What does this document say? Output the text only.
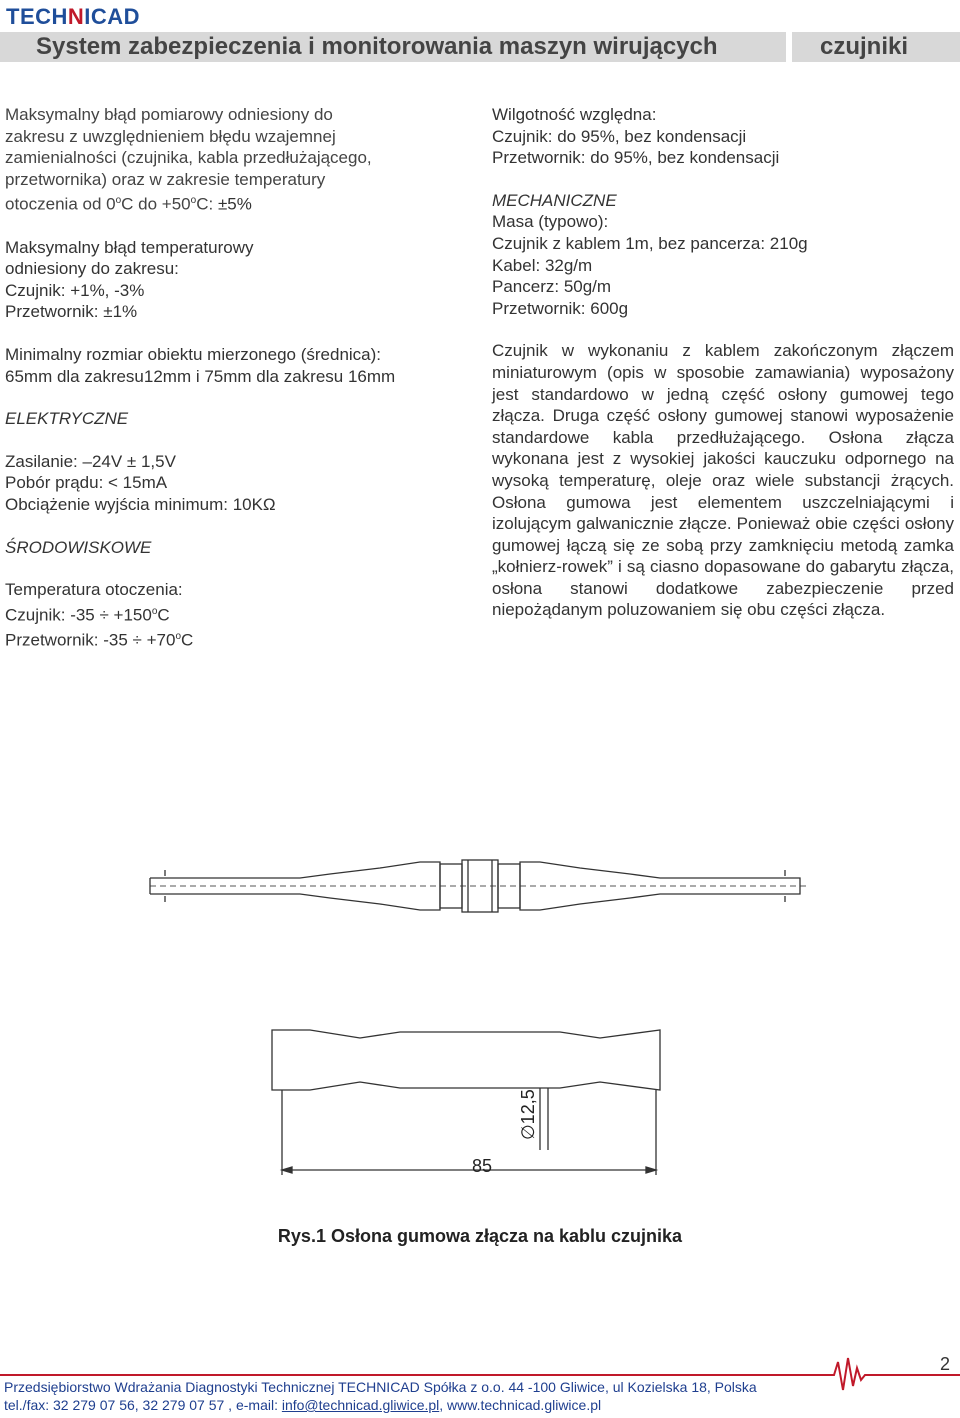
TECHNICAD
System zabezpieczenia i monitorowania maszyn wirujących	czujniki

Maksymalny błąd pomiarowy odniesiony do

zakresu z uwzględnieniem błędu wzajemnej

zamienialności (czujnika, kabla przedłużającego,

przetwornika) oraz w zakresie temperatury

otoczenia od 0$^o$C do $+50^oC$: ±5%

Maksymalny błąd temperaturowy

odniesiony do zakresu:

Czujnik: +1%, -3%

Przetwornik: ±1%

Minimalny rozmiar obiektu mierzonego (średnica):

65mm dla zakresu12mm i 75mm dla zakresu 16mm

ELEKTRYCZNE

Zasilanie: –24V ± 1,5V

Pobór prądu: < 15mA

Obciążenie wyjścia minimum: 10KΩ

ŚRODOWISKOWE

Temperatura otoczenia:

Czujnik: $-35 \div +150^oC$

Przetwornik: $-35 \div +70^oC$

Wilgotność względna:

Czujnik: do 95%, bez kondensacji

Przetwornik: do 95%, bez kondensacji

MECHANICZNE

Masa (typowo):

Czujnik z kablem 1m, bez pancerza: 210g

Kabel: 32g/m

Pancerz: 50g/m

Przetwornik: 600g

Czujnik w wykonaniu z kablem zakończonym złączem miniaturowym (opis w sposobie zamawiania) wyposażony jest standardowo w jedną część osłony gumowej tego złącza. Druga część osłony gumowej stanowi wyposażenie standardowe kabla przedłużającego. Osłona złącza wykonana jest z wysokiej jakości kauczuku odpornego na wysoką temperaturę, oleje oraz wiele substancji żrących. Osłona gumowa jest elementem uszczelniającymi i izolującym galwanicznie złącze. Ponieważ obie części osłony gumowej łączą się ze sobą przy zamknięciu metodą zamka „kołnierz-rowek” i są ciasno dopasowane do gabarytu złącza, osłona stanowi dodatkowe zabezpieczenie przed niepożądanym poluzowaniem się obu części złącza.

85
∅12,5
Rys.1 Osłona gumowa złącza na kablu czujnika
2
Przedsiębiorstwo Wdrażania Diagnostyki Technicznej TECHNICAD Spółka z o.o. 44 -100 Gliwice, ul Kozielska 18, Polska
tel./fax: 32 279 07 56, 32 279 07 57 , e-mail: info@technicad.gliwice.pl, www.technicad.gliwice.pl
